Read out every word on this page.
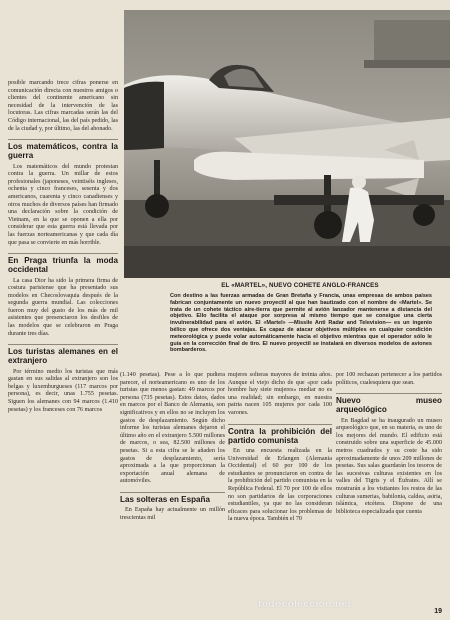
posible marcando trece cifras ponerse en comunicación directa con nuestros amigos o clientes del continente americano sin necesidad de la intervención de las locutoras. Las cifras marcadas serán las del Código internacional, las del país pedido, las de la ciudad y, por último, las del abonado.

Los matemáticos, contra la guerra

Los matemáticos del mundo protestan contra la guerra. Un millar de estos profesionales (japoneses, veintiséis ingleses, ochenta y cinco franceses, sesenta y dos americanos, cuarenta y cinco canadienses y otros muchos de diversos países han firmado una declaración sobre la condición de Vietnam, en la que se oponen a ella por considerar que esta guerra está llevada por las fuerzas norteamericanas y que cada día que pasa se convierte en más horrible.

En Praga triunfa la moda occidental

La casa Dior ha sido la primera firma de costura parisiense que ha presentado sus modelos en Checoslovaquia después de la segunda guerra mundial. Las colecciones fueron muy del gusto de los más de mil asistentes que presenciaron los desfiles de las modelos que se celebraron en Praga durante tres días.

Los turistas alemanes en el extranjero

Por término medio los turistas que más gastan en sus salidas al extranjero son los belgas y luxemburgueses (117 marcos por persona), es decir, unas 1.755 pesetas. Siguen los alemanes con 94 marcos (1.410 pesetas) y los franceses con 76 marcos

EL «MARTEL», NUEVO COHETE ANGLO-FRANCES
Con destino a las fuerzas armadas de Gran Bretaña y Francia, unas empresas de ambos países fabrican conjuntamente un nuevo proyectil al que han bautizado con el nombre de «Martel». Se trata de un cohete táctico aire-tierra que permite al avión lanzador mantenerse a distancia del objetivo. Ello facilita el ataque por sorpresa al mismo tiempo que se consigue una cierta invulnerabilidad para el avión. El «Martel» —Missile Anti Radar and Television— es un ingenio bélico que ofrece dos ventajas. Es capaz de atacar objetivos múltiples en cualquier condición meteorológica y puede volar automáticamente hacia el objetivo mientras que el operador sólo le guía en la corrección final de tiro. El nuevo proyectil se instalará en diversos modelos de aviones bombarderos.

(1.140 pesetas). Pese a lo que pudiera parecer, el norteamericano es uno de los turistas que menos gastan: 49 marcos por persona (735 pesetas). Estos datos, dados en marcos por el Banco de Alemania, son significativos y en ellos no se incluyen los gastos de desplazamiento. Según dicho informe los turistas alemanes dejaron el último año en el extranjero 5.500 millones de marcos, o sea, 82.500 millones de pesetas. Si a esta cifra se le añaden los gastos de desplazamiento, sería aproximada a la que proporcionan la exportación anual alemana de automóviles.

Las solteras en España

En España hay actualmente un millón trescientas mil

mujeres solteras mayores de treinta años. Aunque el viejo dicho de que «por cada hombre hay siete mujeres» mediar no es una realidad; sin embargo, en nuestra patria nacen 105 mujeres por cada 100 varones.

Contra la prohibición del partido comunista

En una encuesta realizada en la Universidad de Erlangen (Alemania Occidental) el 60 por 100 de los estudiantes se pronunciaron en contra de la prohibición del partido comunista en la República Federal. El 70 por 100 de ellos no son partidarios de las corporaciones estudiantiles, ya que no las consideran eficaces para solucionar los problemas de la nueva época. También el 70

por 100 rechazan pertenecer a los partidos políticos, cualesquiera que sean.

Nuevo museo arqueológico

En Bagdad se ha inaugurado un museo arqueológico que, en su materia, es uno de los mejores del mundo. El edificio está construido sobre una superficie de 45.000 metros cuadrados y su coste ha sido aproximadamente de unos 209 millones de pesetas. Sus salas guardarán los tesoros de las sucesivas culturas existentes en los valles del Tigris y el Éufrates. Allí se mostrarán a los visitantes los restos de las culturas sumerias, babilonia, caldea, asiria, islámica, etcétera. Dispone de una biblioteca especializada que cuenta

todocoleccion.net
19
